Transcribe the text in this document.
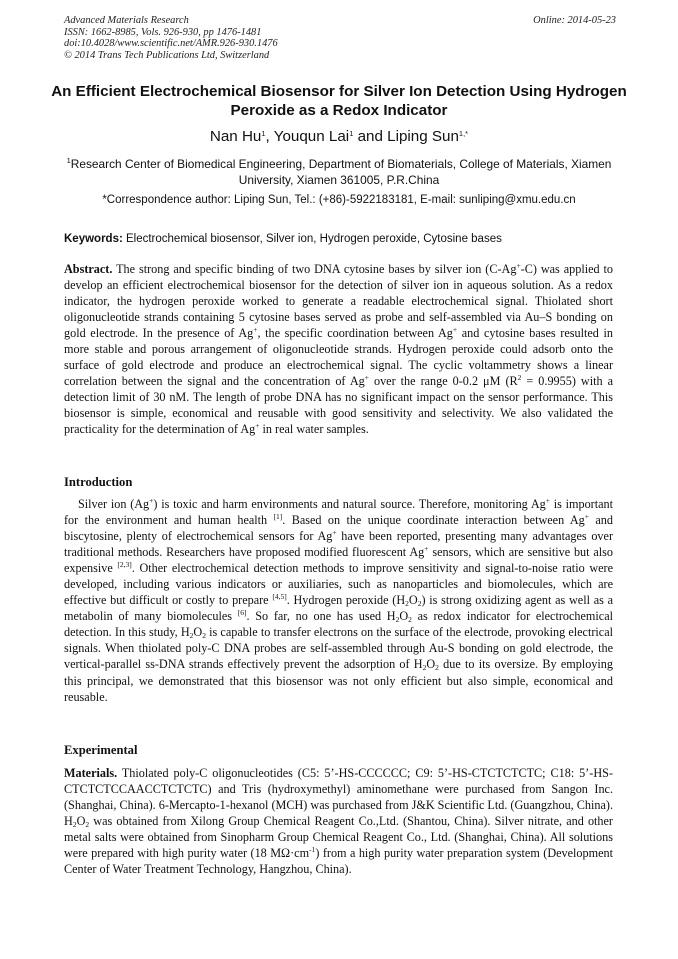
Advanced Materials Research
ISSN: 1662-8985, Vols. 926-930, pp 1476-1481
doi:10.4028/www.scientific.net/AMR.926-930.1476
© 2014 Trans Tech Publications Ltd, Switzerland
Online: 2014-05-23
An Efficient Electrochemical Biosensor for Silver Ion Detection Using Hydrogen Peroxide as a Redox Indicator
Nan Hu$^1$, Youqun Lai$^1$ and Liping Sun$^{1,*}$
$^1$Research Center of Biomedical Engineering, Department of Biomaterials, College of Materials, Xiamen University, Xiamen 361005, P.R.China
*Correspondence author: Liping Sun, Tel.: (+86)-5922183181, E-mail: sunliping@xmu.edu.cn
Keywords: Electrochemical biosensor, Silver ion, Hydrogen peroxide, Cytosine bases
Abstract. The strong and specific binding of two DNA cytosine bases by silver ion (C-Ag+-C) was applied to develop an efficient electrochemical biosensor for the detection of silver ion in aqueous solution. As a redox indicator, the hydrogen peroxide worked to generate a readable electrochemical signal. Thiolated short oligonucleotide strands containing 5 cytosine bases served as probe and self-assembled via Au–S bonding on gold electrode. In the presence of Ag+, the specific coordination between Ag+ and cytosine bases resulted in more stable and porous arrangement of oligonucleotide strands. Hydrogen peroxide could adsorb onto the surface of gold electrode and produce an electrochemical signal. The cyclic voltammetry shows a linear correlation between the signal and the concentration of Ag+ over the range 0-0.2 μM $(R^2 = 0.9955)$ with a detection limit of 30 nM. The length of probe DNA has no significant impact on the sensor performance. This biosensor is simple, economical and reusable with good sensitivity and selectivity. We also validated the practicality for the determination of Ag+ in real water samples.
Introduction
Silver ion (Ag+) is toxic and harm environments and natural source. Therefore, monitoring Ag+ is important for the environment and human health [1]. Based on the unique coordinate interaction between Ag+ and biscytosine, plenty of electrochemical sensors for Ag+ have been reported, presenting many advantages over traditional methods. Researchers have proposed modified fluorescent Ag+ sensors, which are sensitive but also expensive [2,3]. Other electrochemical detection methods to improve sensitivity and signal-to-noise ratio were developed, including various indicators or auxiliaries, such as nanoparticles and biomolecules, which are effective but difficult or costly to prepare [4,5]. Hydrogen peroxide $(H_2O_2)$ is strong oxidizing agent as well as a metabolin of many biomolecules [6]. So far, no one has used $H_2O_2$ as redox indicator for electrochemical detection. In this study, $H_2O_2$ is capable to transfer electrons on the surface of the electrode, provoking electrical signals. When thiolated poly-C DNA probes are self-assembled through Au-S bonding on gold electrode, the vertical-parallel ss-DNA strands effectively prevent the adsorption of $H_2O_2$ due to its oversize. By employing this principal, we demonstrated that this biosensor was not only efficient but also simple, economical and reusable.
Experimental
Materials. Thiolated poly-C oligonucleotides (C5: 5’-HS-CCCCCC; C9: 5’-HS-CTCTCTCTC; C18: 5’-HS-CTCTCTCCAACCTCTCTC) and Tris (hydroxymethyl) aminomethane were purchased from Sangon Inc. (Shanghai, China). 6-Mercapto-1-hexanol (MCH) was purchased from J&K Scientific Ltd. (Guangzhou, China). $H_2O_2$ was obtained from Xilong Group Chemical Reagent Co.,Ltd. (Shantou, China). Silver nitrate, and other metal salts were obtained from Sinopharm Group Chemical Reagent Co., Ltd. (Shanghai, China). All solutions were prepared with high purity water (18 $M\Omega\cdot cm^{-1}$) from a high purity water preparation system (Development Center of Water Treatment Technology, Hangzhou, China).
